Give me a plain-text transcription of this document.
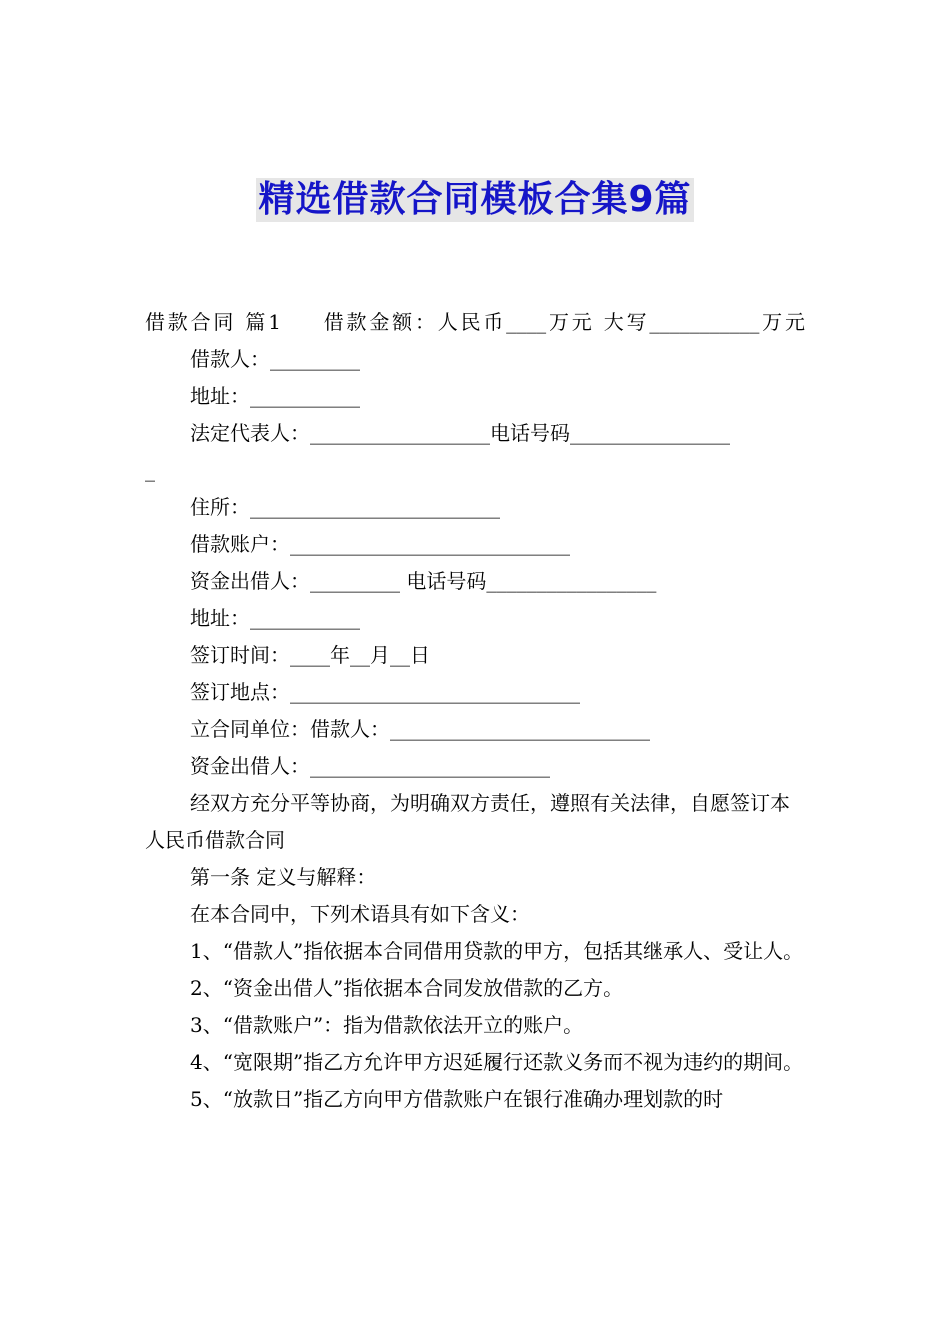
精选借款合同模板合集9篇
借款合同 篇1  借款金额：人民币____万元 大写___________万元
借款人：_________
地址：___________
法定代表人：__________________电话号码________________
_
住所：_________________________
借款账户：____________________________
资金出借人：_________ 电话号码_________________
地址：___________
签订时间：____年__月__日
签订地点：_____________________________
立合同单位：借款人：__________________________
资金出借人：________________________
经双方充分平等协商，为明确双方责任，遵照有关法律，自愿签订本人民币借款合同
第一条 定义与解释：
在本合同中，下列术语具有如下含义：
1、“借款人”指依据本合同借用贷款的甲方，包括其继承人、受让人。
2、“资金出借人”指依据本合同发放借款的乙方。
3、“借款账户”：指为借款依法开立的账户。
4、“宽限期”指乙方允许甲方迟延履行还款义务而不视为违约的期间。
5、“放款日”指乙方向甲方借款账户在银行准确办理划款的时
